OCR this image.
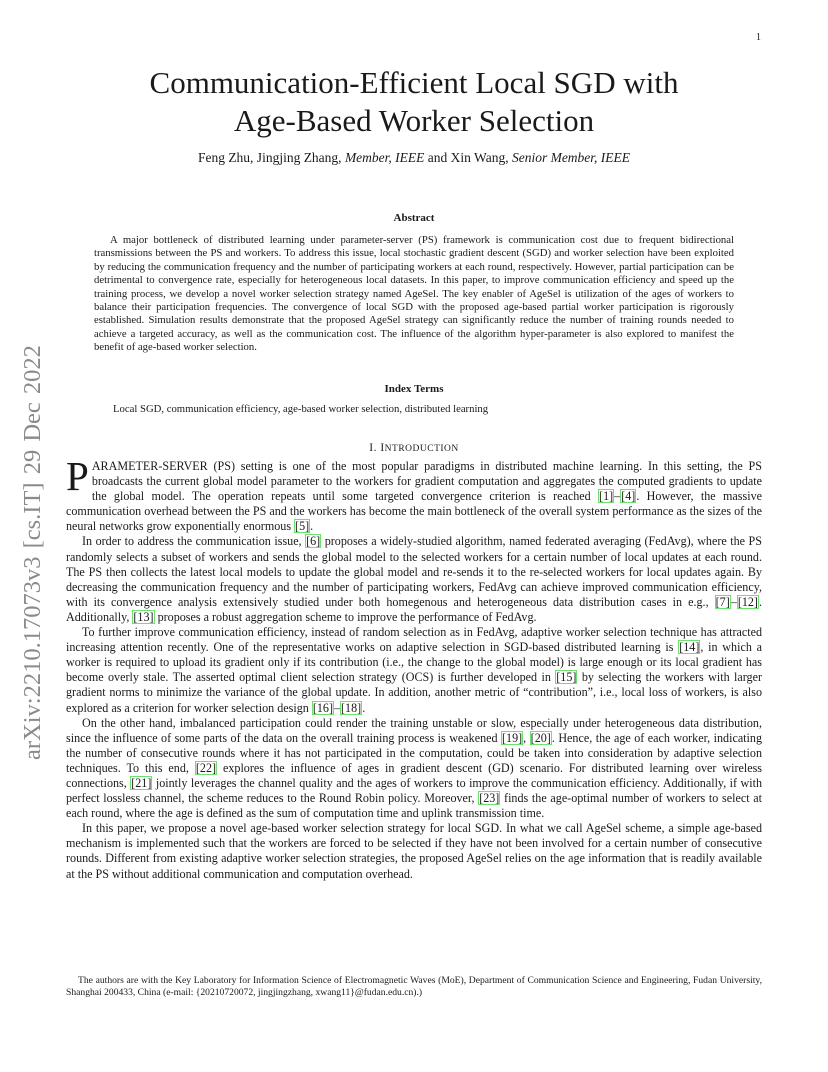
1
arXiv:2210.17073v3 [cs.IT] 29 Dec 2022
Communication-Efficient Local SGD with
Age-Based Worker Selection
Feng Zhu, Jingjing Zhang, Member, IEEE and Xin Wang, Senior Member, IEEE
Abstract

A major bottleneck of distributed learning under parameter-server (PS) framework is communication cost due to frequent bidirectional transmissions between the PS and workers. To address this issue, local stochastic gradient descent (SGD) and worker selection have been exploited by reducing the communication frequency and the number of participating workers at each round, respectively. However, partial participation can be detrimental to convergence rate, especially for heterogeneous local datasets. In this paper, to improve communication efficiency and speed up the training process, we develop a novel worker selection strategy named AgeSel. The key enabler of AgeSel is utilization of the ages of workers to balance their participation frequencies. The convergence of local SGD with the proposed age-based partial worker participation is rigorously established. Simulation results demonstrate that the proposed AgeSel strategy can significantly reduce the number of training rounds needed to achieve a targeted accuracy, as well as the communication cost. The influence of the algorithm hyper-parameter is also explored to manifest the benefit of age-based worker selection.

Index Terms
Local SGD, communication efficiency, age-based worker selection, distributed learning
I. INTRODUCTION

PARAMETER-SERVER (PS) setting is one of the most popular paradigms in distributed machine learning. In this setting, the PS broadcasts the current global model parameter to the workers for gradient computation and aggregates the computed gradients to update the global model. The operation repeats until some targeted convergence criterion is reached [1]–[4]. However, the massive communication overhead between the PS and the workers has become the main bottleneck of the overall system performance as the sizes of the neural networks grow exponentially enormous [5].

In order to address the communication issue, [6] proposes a widely-studied algorithm, named federated averaging (FedAvg), where the PS randomly selects a subset of workers and sends the global model to the selected workers for a certain number of local updates at each round. The PS then collects the latest local models to update the global model and re-sends it to the re-selected workers for local updates again. By decreasing the communication frequency and the number of participating workers, FedAvg can achieve improved communication efficiency, with its convergence analysis extensively studied under both homegenous and heterogeneous data distribution cases in e.g., [7]–[12]. Additionally, [13] proposes a robust aggregation scheme to improve the performance of FedAvg.

To further improve communication efficiency, instead of random selection as in FedAvg, adaptive worker selection technique has attracted increasing attention recently. One of the representative works on adaptive selection in SGD-based distributed learning is [14], in which a worker is required to upload its gradient only if its contribution (i.e., the change to the global model) is large enough or its local gradient has become overly stale. The asserted optimal client selection strategy (OCS) is further developed in [15] by selecting the workers with larger gradient norms to minimize the variance of the global update. In addition, another metric of “contribution”, i.e., local loss of workers, is also explored as a criterion for worker selection design [16]–[18].

On the other hand, imbalanced participation could render the training unstable or slow, especially under heterogeneous data distribution, since the influence of some parts of the data on the overall training process is weakened [19], [20]. Hence, the age of each worker, indicating the number of consecutive rounds where it has not participated in the computation, could be taken into consideration by adaptive selection techniques. To this end, [22] explores the influence of ages in gradient descent (GD) scenario. For distributed learning over wireless connections, [21] jointly leverages the channel quality and the ages of workers to improve the communication efficiency. Additionally, if with perfect lossless channel, the scheme reduces to the Round Robin policy. Moreover, [23] finds the age-optimal number of workers to select at each round, where the age is defined as the sum of computation time and uplink transmission time.

In this paper, we propose a novel age-based worker selection strategy for local SGD. In what we call AgeSel scheme, a simple age-based mechanism is implemented such that the workers are forced to be selected if they have not been involved for a certain number of consecutive rounds. Different from existing adaptive worker selection strategies, the proposed AgeSel relies on the age information that is readily available at the PS without additional communication and computation overhead.

The authors are with the Key Laboratory for Information Science of Electromagnetic Waves (MoE), Department of Communication Science and Engineering, Fudan University, Shanghai 200433, China (e-mail: {20210720072, jingjingzhang, xwang11}@fudan.edu.cn).)
